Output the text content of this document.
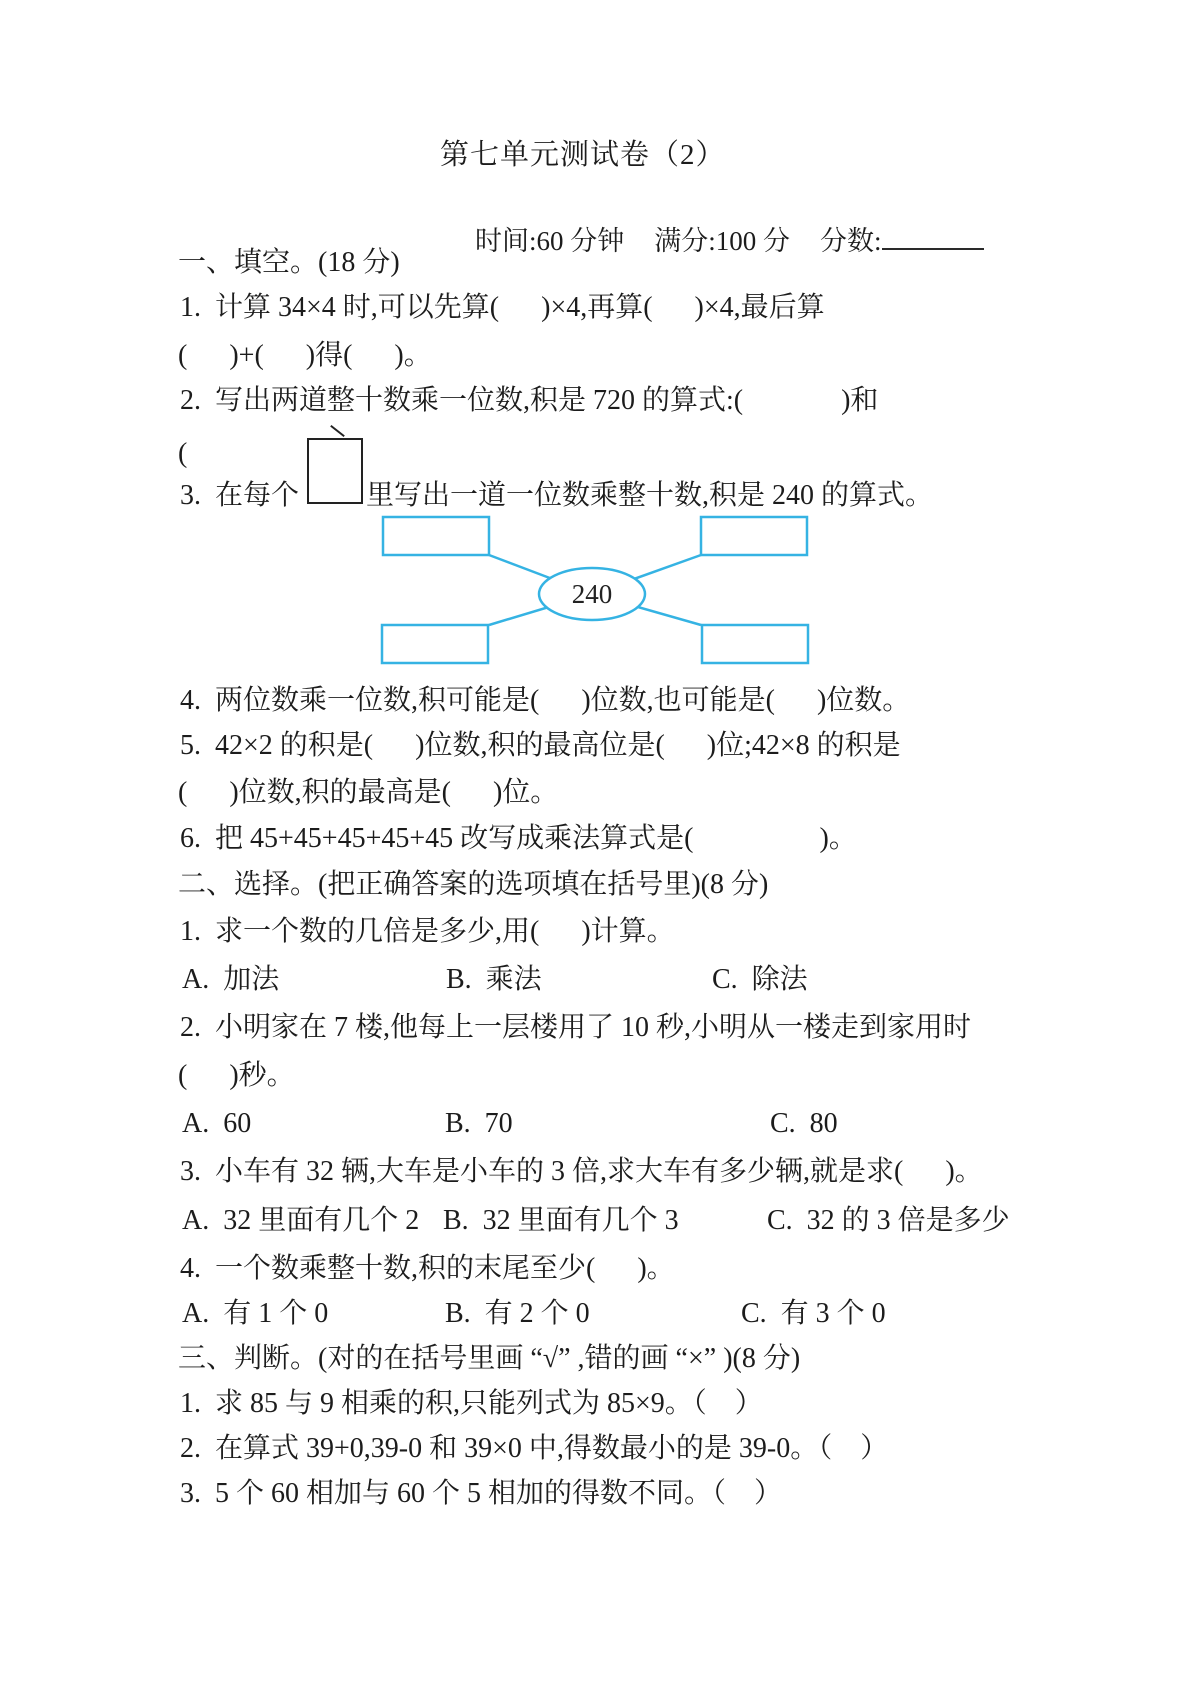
第七单元测试卷（2）

时间:60 分钟 满分:100 分 分数:

一、填空。(18 分)
1.  计算 34×4 时,可以先算(      )×4,再算(      )×4,最后算
(      )+(      )得(      )。
2.  写出两道整十数乘一位数,积是 720 的算式:(              )和
(
3.  在每个 里写出一道一位数乘整十数,积是 240 的算式。
240
4.  两位数乘一位数,积可能是(      )位数,也可能是(      )位数。
5.  42×2 的积是(      )位数,积的最高位是(      )位;42×8 的积是
(      )位数,积的最高是(      )位。
6.  把 45+45+45+45+45 改写成乘法算式是(                  )。
二、选择。(把正确答案的选项填在括号里)(8 分)
1.  求一个数的几倍是多少,用(      )计算。
A.  加法	B.  乘法	C.  除法
2.  小明家在 7 楼,他每上一层楼用了 10 秒,小明从一楼走到家用时
(      )秒。
A.  60	B.  70	C.  80
3.  小车有 32 辆,大车是小车的 3 倍,求大车有多少辆,就是求(      )。
A.  32 里面有几个 2 B.  32 里面有几个 3	C.  32 的 3 倍是多少
4.  一个数乘整十数,积的末尾至少(      )。
A.  有 1 个 0	B.  有 2 个 0	C.  有 3 个 0
三、判断。(对的在括号里画 “√” ,错的画 “×” )(8 分)
1.  求 85 与 9 相乘的积,只能列式为 85×9。（    ）
2.  在算式 39+0,39-0 和 39×0 中,得数最小的是 39-0。（    ）
3.  5 个 60 相加与 60 个 5 相加的得数不同。（    ）
